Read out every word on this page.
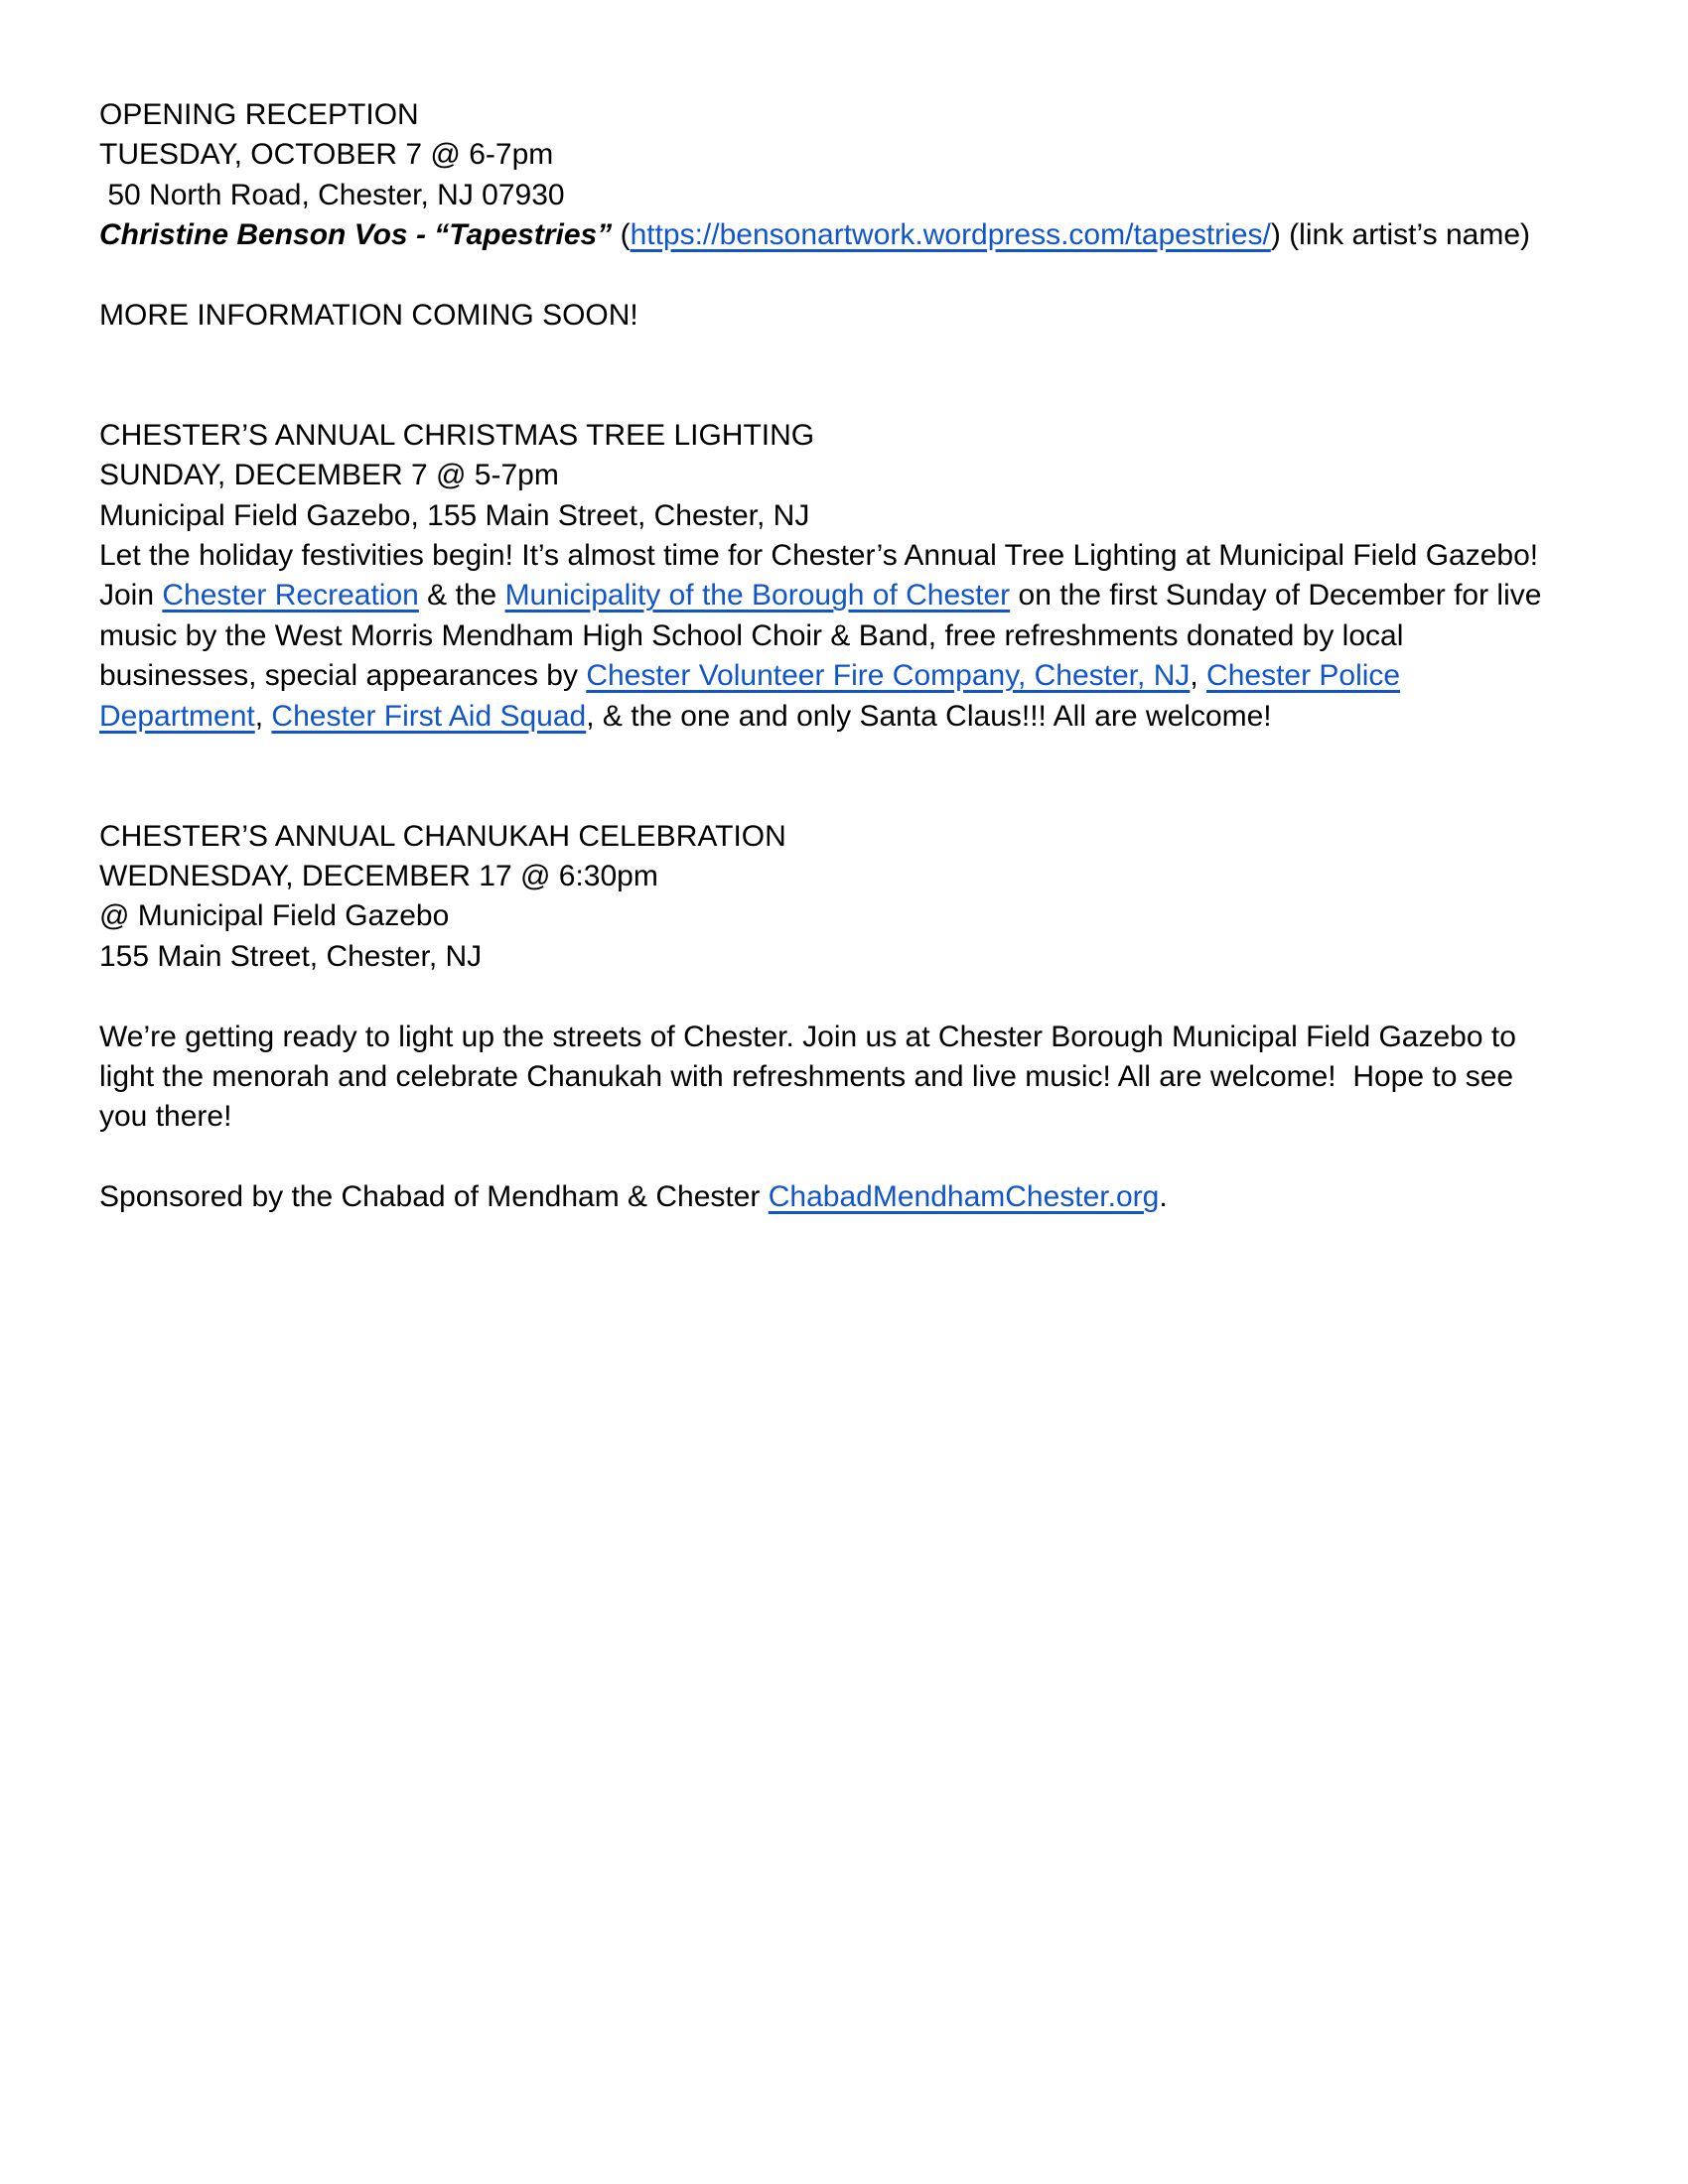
OPENING RECEPTION
TUESDAY, OCTOBER 7 @ 6-7pm
50 North Road, Chester, NJ 07930
Christine Benson Vos - “Tapestries” (https://bensonartwork.wordpress.com/tapestries/) (link artist’s name)
MORE INFORMATION COMING SOON!
CHESTER’S ANNUAL CHRISTMAS TREE LIGHTING
SUNDAY, DECEMBER 7 @ 5-7pm
Municipal Field Gazebo, 155 Main Street, Chester, NJ
Let the holiday festivities begin! It’s almost time for Chester’s Annual Tree Lighting at Municipal Field Gazebo!
Join Chester Recreation & the Municipality of the Borough of Chester on the first Sunday of December for live
music by the West Morris Mendham High School Choir & Band, free refreshments donated by local
businesses, special appearances by Chester Volunteer Fire Company, Chester, NJ, Chester Police
Department, Chester First Aid Squad, & the one and only Santa Claus!!! All are welcome!
CHESTER’S ANNUAL CHANUKAH CELEBRATION
WEDNESDAY, DECEMBER 17 @ 6:30pm
@ Municipal Field Gazebo
155 Main Street, Chester, NJ
We’re getting ready to light up the streets of Chester. Join us at Chester Borough Municipal Field Gazebo to
light the menorah and celebrate Chanukah with refreshments and live music! All are welcome!  Hope to see
you there!
Sponsored by the Chabad of Mendham & Chester ChabadMendhamChester.org.
